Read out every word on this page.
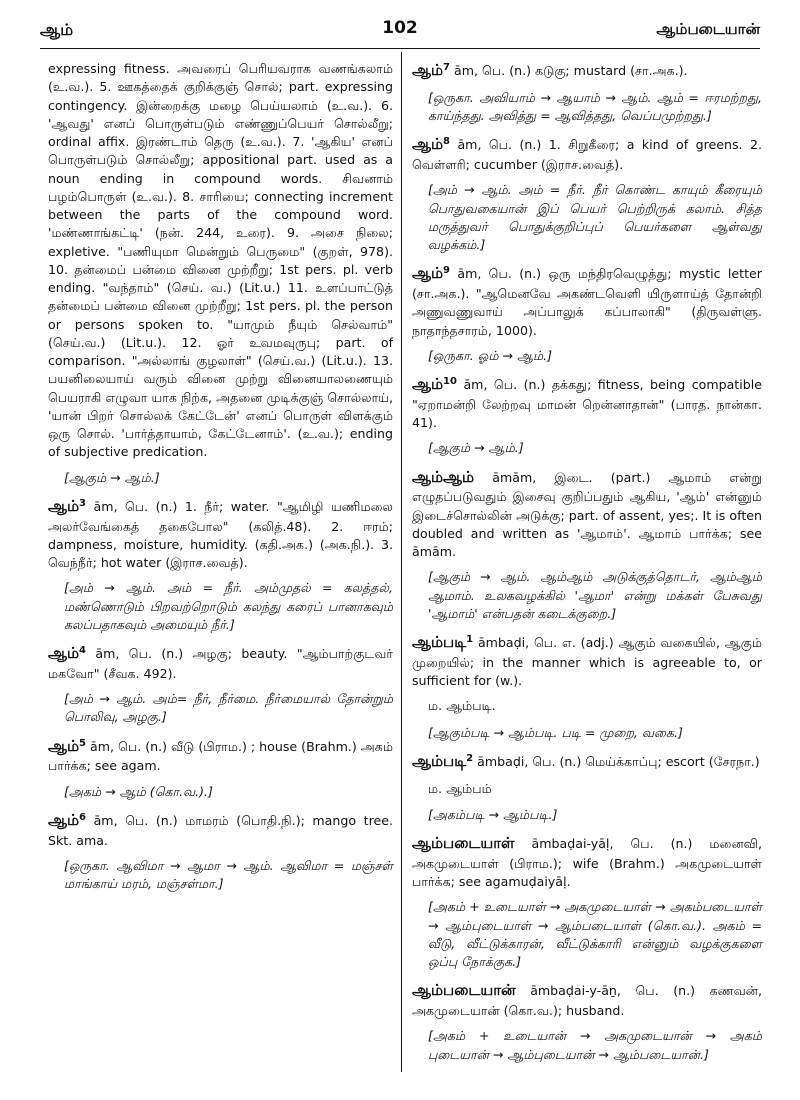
ஆம்	102	ஆம்படையான்

expressing fitness. அவரைப் பெரியவராக வணங்கலாம் (உ.வ.). 5. ஊகத்தைக் குறிக்குஞ் சொல்; part. expressing contingency. இன்றைக்கு மழை பெய்யலாம் (உ.வ.). 6. 'ஆவது' எனப் பொருள்படும் எண்ணுப்பெயர் சொல்லீறு; ordinal affix. இரண்டாம் தெரு (உ.வ.). 7. 'ஆகிய' எனப் பொருள்படும் சொல்லீறு; appositional part. used as a noun ending in compound words. சிவனாம் பழம்பொருள் (உ.வ.). 8. சாரியை; connecting increment between the parts of the compound word. 'மண்ணாங்கட்டி' (நன். 244, உரை). 9. அசை நிலை; expletive. "பணியுமா மென்றும் பெருமை" (குறள், 978). 10. தன்மைப் பன்மை வினை முற்றீறு; 1st pers. pl. verb ending. "வந்தாம்" (செய். வ.) (Lit.u.) 11. உளப்பாட்டுத் தன்மைப் பன்மை வினை முற்றீறு; 1st pers. pl. the person or persons spoken to. "யாமும் நீயும் செல்வாம்" (செய்.வ.) (Lit.u.). 12. ஓர் உவமவுருபு; part. of comparison. "அல்லாங் குழலாள்" (செய்.வ.) (Lit.u.). 13. பயனிலையாய் வரும் வினை முற்று வினையாலணையும் பெயராகி எழுவா யாக நிற்க, அதனை முடிக்குஞ் சொல்லாய், 'யான் பிறர் சொல்லக் கேட்டேன்' எனப் பொருள் விளக்கும் ஒரு சொல். 'பார்த்தாயாம், கேட்டேனாம்'. (உ.வ.); ending of subjective predication.

[ஆகும் → ஆம்.]

ஆம்$^3$ ām, பெ. (n.) 1. நீர்; water. "ஆமிழி யணிமலை அலர்வேங்கைத் தகைபோல" (கலித்.48). 2. ஈரம்; dampness, moisture, humidity. (கதி.அக.) (அக.நி.). 3. வெந்நீர்; hot water (இராச.வைத்).

[அம் → ஆம். அம் = நீர். அம்முதல் = கலத்தல், மண்ணொடும் பிறவற்றொடும் கலந்து கரைப் பானாகவும் கலப்பதாகவும் அமையும் நீர்.]

ஆம்$^4$ ām, பெ. (n.) அழகு; beauty. "ஆம்பாற்குடவர் மகவோ" (சீவக. 492).

[அம் → ஆம். அம்= நீர், நீர்மை. நீர்மையால் தோன்றும் பொலிவு, அழகு.]

ஆம்$^5$ ām, பெ. (n.) வீடு (பிராம.) ; house (Brahm.) அகம் பார்க்க; see agam.

[அகம் → ஆம் (கொ.வ.).]

ஆம்$^6$ ām, பெ. (n.) மாமரம் (பொதி.நி.); mango tree. Skt. ama.

[ஒருகா. ஆவிமா → ஆமா → ஆம். ஆவிமா = மஞ்சள் மாங்காய் மரம், மஞ்சள்மா.]

ஆம்$^7$ ām, பெ. (n.) கடுகு; mustard (சா.அக.).

[ஒருகா. அவியாம் → ஆயாம் → ஆம். ஆம் = ஈரமற்றது, காய்ந்தது. அவித்து = ஆவித்தது, வெப்பமுற்றது.]

ஆம்$^8$ ām, பெ. (n.) 1. சிறுகீரை; a kind of greens. 2. வெள்ளரி; cucumber (இராச.வைத்).

[அம் → ஆம். அம் = நீர். நீர் கொண்ட காயும் கீரையும் பொதுவகையான் இப் பெயர் பெற்றிருக் கலாம். சித்த மருத்துவர் பொதுக்குறிப்புப் பெயர்களை ஆள்வது வழக்கம்.]

ஆம்$^9$ ām, பெ. (n.) ஒரு மந்திரவெழுத்து; mystic letter (சா.அக.). "ஆமெனவே அகண்டவெளி யிருளாய்த் தோன்றி அணுவணுவாய் அப்பாலுக் கப்பாலாகி" (திருவள்ளு. நாதாந்தசாரம், 1000).

[ஒருகா. ஓம் → ஆம்.]

ஆம்$^{10}$ ām, பெ. (n.) தக்கது; fitness, being compatible "ஏறாமன்றி லேற்றவு மாமன் றென்னாதான்" (பாரத. நான்கா. 41).

[ஆகும் → ஆம்.]

ஆம்ஆம் āmām, இடை. (part.) ஆமாம் என்று எழுதப்படுவதும் இசைவு குறிப்பதும் ஆகிய, 'ஆம்' என்னும் இடைச்சொல்லின் அடுக்கு; part. of assent, yes;. It is often doubled and written as 'ஆமாம்'. ஆமாம் பார்க்க; see āmām.

[ஆகும் → ஆம். ஆம்ஆம் அடுக்குத்தொடர், ஆம்ஆம் ஆமாம். உலகவழக்கில் 'ஆமா' என்று மக்கள் பேசுவது 'ஆமாம்' என்பதன் கடைக்குறை.]

ஆம்படி$^1$ āmbaḍi, பெ. எ. (adj.) ஆகும் வகையில், ஆகும் முறையில்; in the manner which is agreeable to, or sufficient for (w.).

ம. ஆம்படி.

[ஆகும்படி → ஆம்படி. படி = முறை, வகை.]

ஆம்படி$^2$ āmbaḍi, பெ. (n.) மெய்க்காப்பு; escort (சேரநா.)

ம. ஆம்பம்

[அகம்படி → ஆம்படி.]

ஆம்படையாள் āmbaḍai-yāḷ, பெ. (n.) மனைவி, அகமுடையாள் (பிராம.); wife (Brahm.) அகமுடையாள் பார்க்க; see agamuḍaiyāḷ.

[அகம் + உடையாள் → அகமுடையாள் → அகம்படையாள் → ஆம்புடையாள் → ஆம்படையாள் (கொ.வ.). அகம் = வீடு, வீட்டுக்காரன், வீட்டுக்காரி என்னும் வழக்குகளை ஒப்பு நோக்குக.]

ஆம்படையான் āmbaḍai-y-āṉ, பெ. (n.) கணவன், அகமுடையான் (கொ.வ.); husband.

[அகம் + உடையான் → அகமுடையான் → அகம் புடையான் → ஆம்புடையான் → ஆம்படையான்.]
